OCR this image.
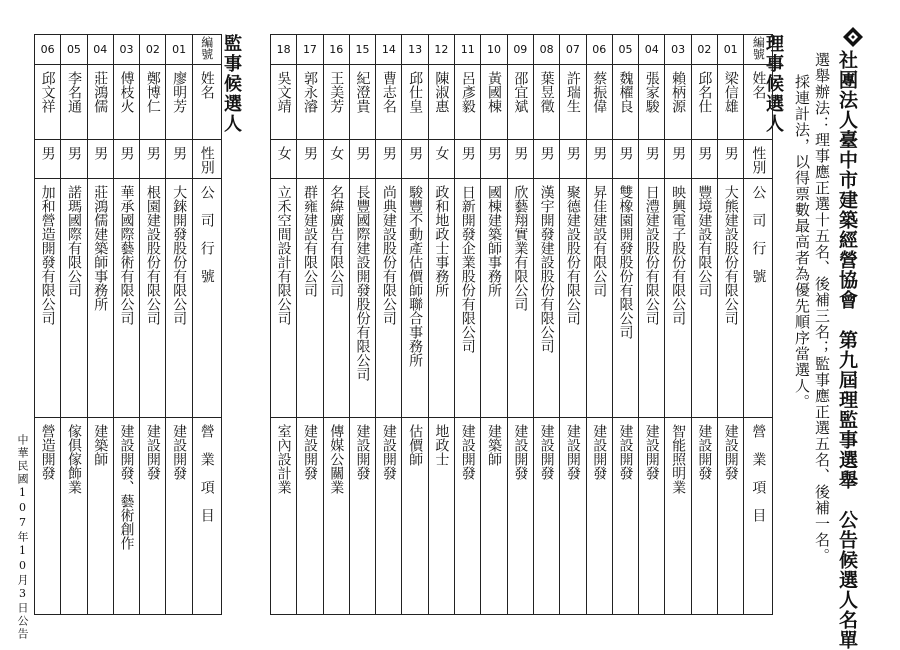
社團法人臺中市建築經營協會　第九屆理監事選舉　公告候選人名單
選舉辦法：理事應正選十五名、後補三名；監事應正選五名、後補一名。
採連計法，以得票數最高者為優先順序當選人。
理事候選人
監事候選人	18	17	16	15	14	13	12	11	10	09	08	07	06	05	04	03	02	01	編號
吳文靖	郭永濬	王美芳	紀澄貴	曹志名	邱仕皇	陳淑惠	呂彥毅	黃國棟	邵宜斌	葉昱徵	許瑞生	蔡振偉	魏櫂良	張家駿	賴柄源	邱名仕	梁信雄	姓名
女	男	女	男	男	男	女	男	男	男	男	男	男	男	男	男	男	男	性別
立禾空間設計有限公司	群雍建設有限公司	名緯廣告有限公司	長豐國際建設開發股份有限公司	尚典建設股份有限公司	駿豐不動產估價師聯合事務所	政和地政士事務所	日新開發企業股份有限公司	國棟建築師事務所	欣藝翔實業有限公司	漢宇開發建設股份有限公司	聚德建設股份有限公司	昇佳建設有限公司	雙橡園開發股份有限公司	日澧建設股份有限公司	映興電子股份有限公司	豐境建設有限公司	大熊建設股份有限公司	公　司　行　號
室內設計業	建設開發	傳媒公關業	建設開發	建設開發	估價師	地政士	建設開發	建築師	建設開發	建設開發	建設開發	建設開發	建設開發	建設開發	智能照明業	建設開發	建設開發	營　業　項　目
06	05	04	03	02	01	編號
邱文祥	李名通	莊鴻儒	傅枝火	鄭博仁	廖明芳	姓名
男	男	男	男	男	男	性別
加和營造開發有限公司	諾瑪國際有限公司	莊鴻儒建築師事務所	華承國際藝術有限公司	根園建設股份有限公司	大錸開發股份有限公司	公　司　行　號
營造開發	傢俱傢飾業	建築師	建設開發、藝術創作	建設開發	建設開發	營　業　項　目
中華民國107年10月3日公告
